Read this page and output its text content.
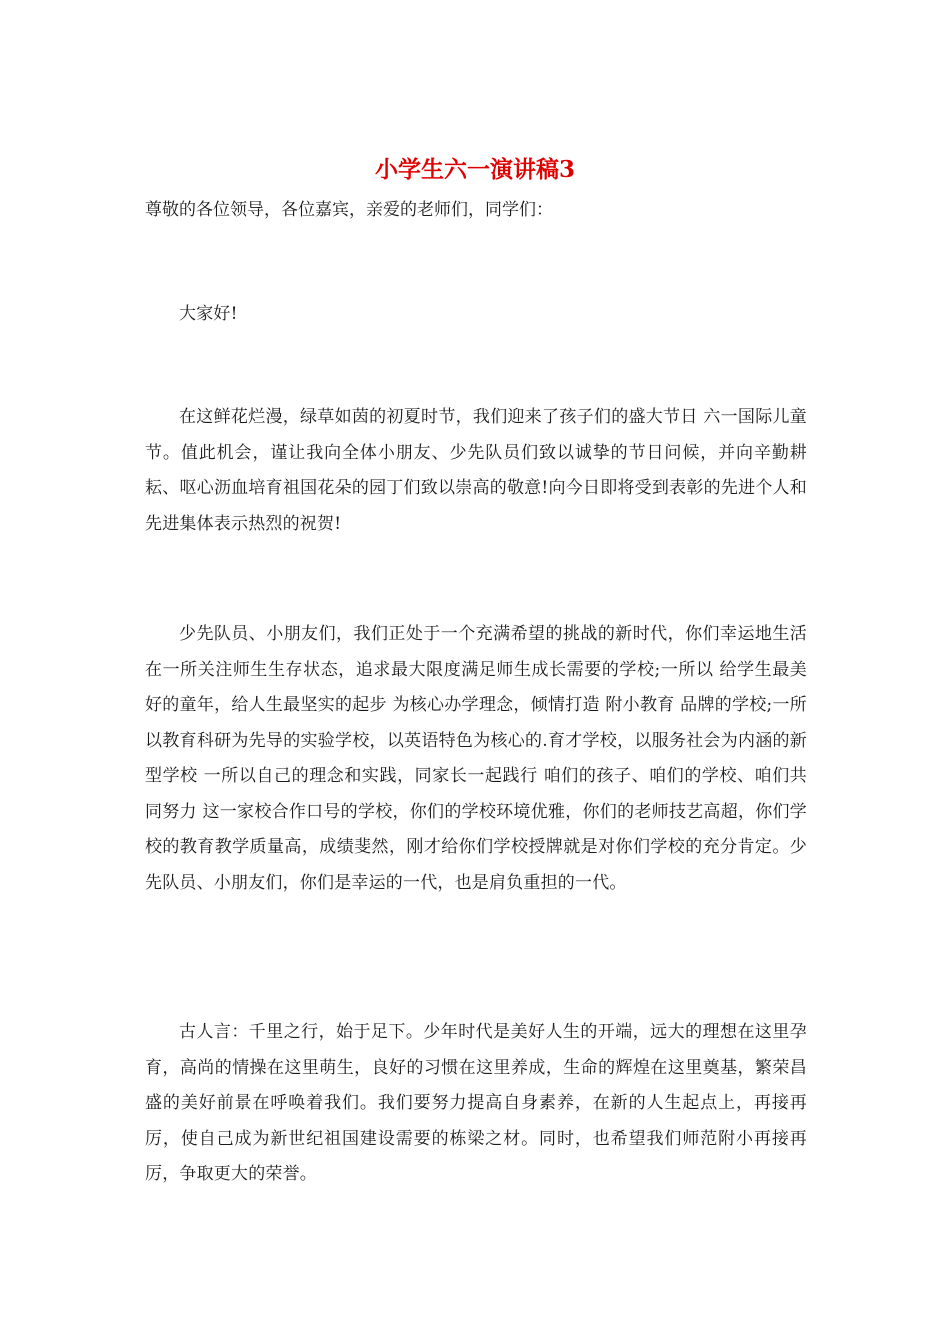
小学生六一演讲稿3

尊敬的各位领导，各位嘉宾，亲爱的老师们，同学们：

大家好!

在这鲜花烂漫，绿草如茵的初夏时节，我们迎来了孩子们的盛大节日 六一国际儿童节。值此机会，谨让我向全体小朋友、少先队员们致以诚挚的节日问候，并向辛勤耕耘、呕心沥血培育祖国花朵的园丁们致以崇高的敬意!向今日即将受到表彰的先进个人和先进集体表示热烈的祝贺!

少先队员、小朋友们，我们正处于一个充满希望的挑战的新时代，你们幸运地生活在一所关注师生生存状态，追求最大限度满足师生成长需要的学校;一所以 给学生最美好的童年，给人生最坚实的起步 为核心办学理念，倾情打造 附小教育 品牌的学校;一所 以教育科研为先导的实验学校，以英语特色为核心的.育才学校，以服务社会为内涵的新型学校 一所以自己的理念和实践，同家长一起践行 咱们的孩子、咱们的学校、咱们共同努力 这一家校合作口号的学校，你们的学校环境优雅，你们的老师技艺高超，你们学校的教育教学质量高，成绩斐然，刚才给你们学校授牌就是对你们学校的充分肯定。少先队员、小朋友们，你们是幸运的一代，也是肩负重担的一代。

古人言：千里之行，始于足下。少年时代是美好人生的开端，远大的理想在这里孕育，高尚的情操在这里萌生，良好的习惯在这里养成，生命的辉煌在这里奠基，繁荣昌盛的美好前景在呼唤着我们。我们要努力提高自身素养，在新的人生起点上，再接再厉，使自己成为新世纪祖国建设需要的栋梁之材。同时，也希望我们师范附小再接再厉，争取更大的荣誉。
